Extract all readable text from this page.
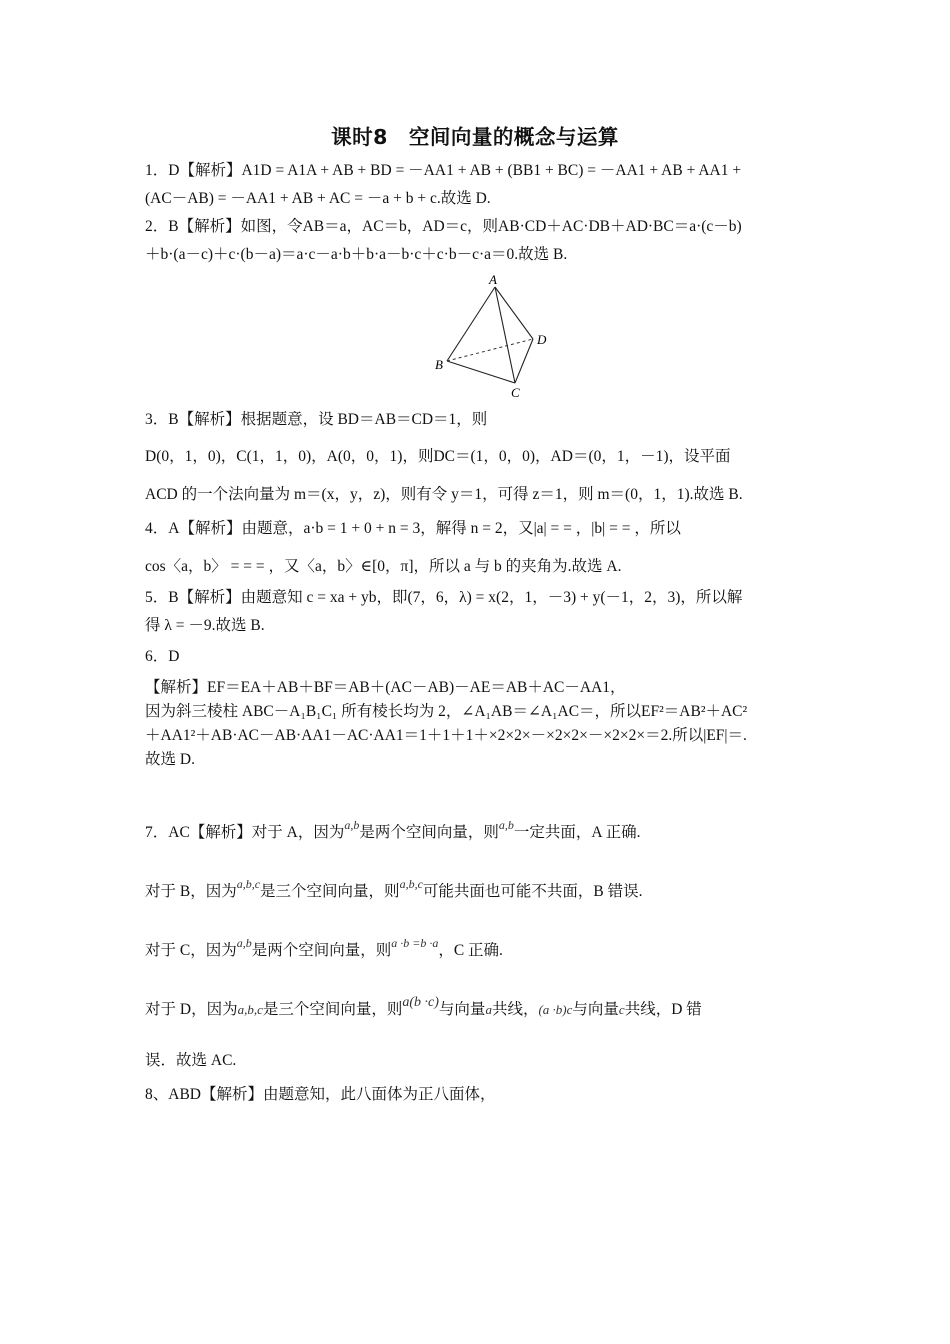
课时8　空间向量的概念与运算
1．D【解析】A1D = A1A + AB + BD = －AA1 + AB + (BB1 + BC) = －AA1 + AB + AA1 +
(AC－AB) = －AA1 + AB + AC = －a + b + c.故选 D.
2．B【解析】如图，令AB＝a，AC＝b，AD＝c，则AB·CD＋AC·DB＋AD·BC＝a·(c－b)
＋b·(a－c)＋c·(b－a)＝a·c－a·b＋b·a－b·c＋c·b－c·a＝0.故选 B.
A
B
C
D
3．B【解析】根据题意，设 BD＝AB＝CD＝1，则
D(0，1，0)，C(1，1，0)，A(0，0，1)，则DC＝(1，0，0)，AD＝(0，1，－1)，设平面
ACD 的一个法向量为 m＝(x，y，z)，则有令 y＝1，可得 z＝1，则 m＝(0，1，1).故选 B.
4．A【解析】由题意，a·b = 1 + 0 + n = 3，解得 n = 2，又|a| = = ，|b| = = ，所以
cos〈a，b〉 = = = ，又〈a，b〉∈[0，π]，所以 a 与 b 的夹角为.故选 A.
5．B【解析】由题意知 c = xa + yb，即(7，6，λ) = x(2，1，－3) + y(－1，2，3)，所以解
得 λ = －9.故选 B.
6．D
【解析】EF＝EA＋AB＋BF＝AB＋(AC－AB)－AE＝AB＋AC－AA1，
因为斜三棱柱 ABC－A₁B₁C₁ 所有棱长均为 2，∠A₁AB＝∠A₁AC＝，所以EF²＝AB²＋AC²
＋AA1²＋AB·AC－AB·AA1－AC·AA1＝1＋1＋1＋×2×2×－×2×2×－×2×2×＝2.所以|EF|＝.
故选 D.
7．AC【解析】对于 A，因为$^{a,b}$是两个空间向量，则$^{a,b}$一定共面，A 正确.
对于 B，因为$^{a,b,c}$是三个空间向量，则$^{a,b,c}$可能共面也可能不共面，B 错误.
对于 C，因为$^{a,b}$是两个空间向量，则$^{a \cdot b =b \cdot a}$，C 正确.
对于 D，因为a,b,c是三个空间向量，则a(b ·c)与向量a共线，(a ·b)c与向量c共线，D 错
误．故选 AC.
8、ABD【解析】由题意知，此八面体为正八面体，
